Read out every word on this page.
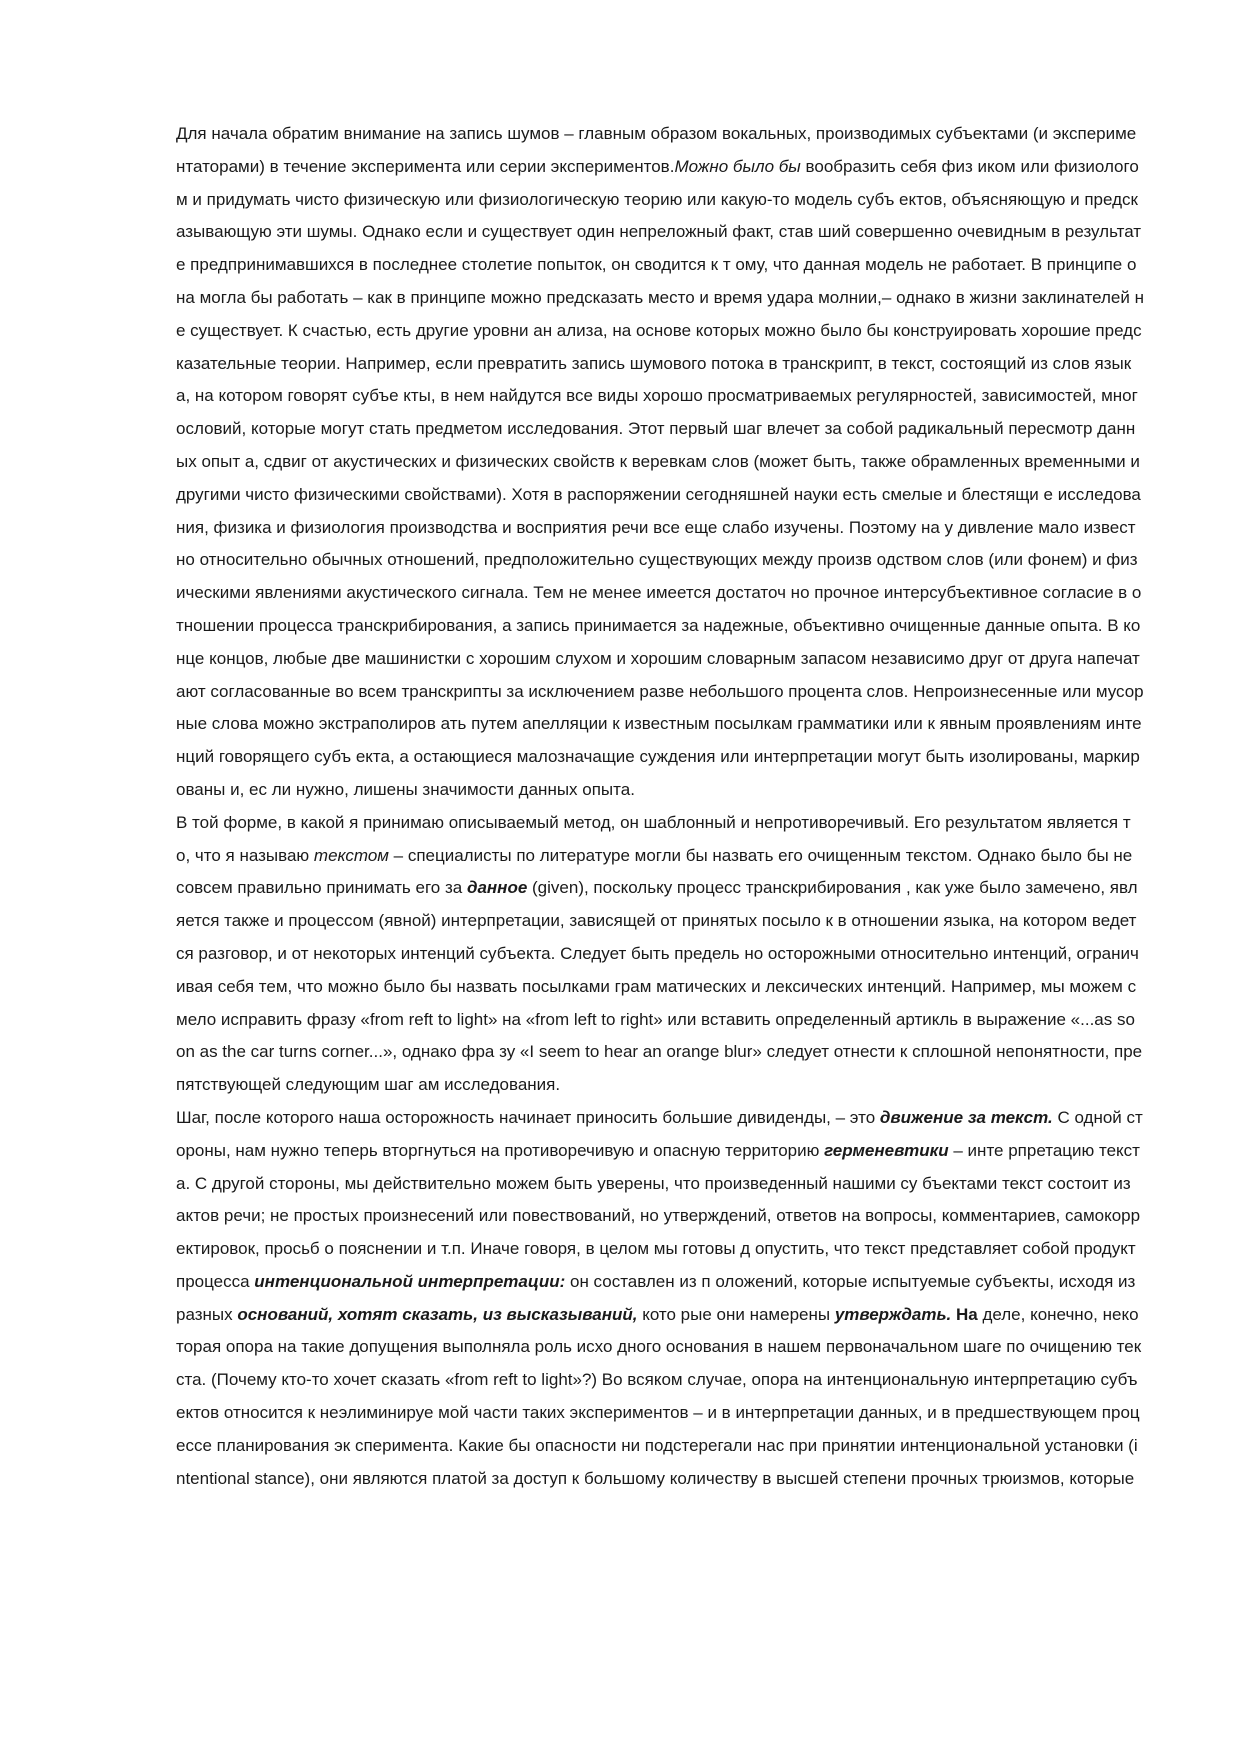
Для начала обратим внимание на запись шумов – главным образом вокальных, производимых субъектами (и экспериментаторами) в течение эксперимента или серии экспериментов.Можно было бы вообразить себя физ иком или физиологом и придумать чисто физическую или физиологическую теорию или какую-то модель субъ ектов, объясняющую и предсказывающую эти шумы. Однако если и существует один непреложный факт, став ший совершенно очевидным в результате предпринимавшихся в последнее столетие попыток, он сводится к т ому, что данная модель не работает. В принципе она могла бы работать – как в принципе можно предсказать место и время удара молнии,– однако в жизни заклинателей не существует. К счастью, есть другие уровни ан ализа, на основе которых можно было бы конструировать хорошие предсказательные теории. Например, если превратить запись шумового потока в транскрипт, в текст, состоящий из слов языка, на котором говорят субъе кты, в нем найдутся все виды хорошо просматриваемых регулярностей, зависимостей, многословий, которые могут стать предметом исследования. Этот первый шаг влечет за собой радикальный пересмотр данных опыт а, сдвиг от акустических и физических свойств к веревкам слов (может быть, также обрамленных временными и другими чисто физическими свойствами). Хотя в распоряжении сегодняшней науки есть смелые и блестящи е исследования, физика и физиология производства и восприятия речи все еще слабо изучены. Поэтому на у дивление мало известно относительно обычных отношений, предположительно существующих между произв одством слов (или фонем) и физическими явлениями акустического сигнала. Тем не менее имеется достаточ но прочное интерсубъективное согласие в отношении процесса транскрибирования, а запись принимается за надежные, объективно очищенные данные опыта. В конце концов, любые две машинистки с хорошим слухом и хорошим словарным запасом независимо друг от друга напечатают согласованные во всем транскрипты за исключением разве небольшого процента слов. Непроизнесенные или мусорные слова можно экстраполиров ать путем апелляции к известным посылкам грамматики или к явным проявлениям интенций говорящего субъ екта, а остающиеся малозначащие суждения или интерпретации могут быть изолированы, маркированы и, ес ли нужно, лишены значимости данных опыта.

В той форме, в какой я принимаю описываемый метод, он шаблонный и непротиворечивый. Его результатом является то, что я называю текстом – специалисты по литературе могли бы назвать его очищенным текстом. Однако было бы не совсем правильно принимать его за данное (given), поскольку процесс транскрибирования , как уже было замечено, является также и процессом (явной) интерпретации, зависящей от принятых посыло к в отношении языка, на котором ведется разговор, и от некоторых интенций субъекта. Следует быть предель но осторожными относительно интенций, ограничивая себя тем, что можно было бы назвать посылками грам матических и лексических интенций. Например, мы можем смело исправить фразу «from reft to light» на «from left to right» или вставить определенный артикль в выражение «...as soon as the car turns corner...», однако фра зу «I seem to hear an orange blur» следует отнести к сплошной непонятности, препятствующей следующим шаг ам исследования.

Шаг, после которого наша осторожность начинает приносить большие дивиденды, – это движение за текст. С одной стороны, нам нужно теперь вторгнуться на противоречивую и опасную территорию герменевтики – инте рпретацию текста. С другой стороны, мы действительно можем быть уверены, что произведенный нашими су бъектами текст состоит из актов речи; не простых произнесений или повествований, но утверждений, ответов на вопросы, комментариев, самокорректировок, просьб о пояснении и т.п. Иначе говоря, в целом мы готовы д опустить, что текст представляет собой продукт процесса интенциональной интерпретации: он составлен из п оложений, которые испытуемые субъекты, исходя из разных оснований, хотят сказать, из высказываний, кото рые они намерены утверждать. На деле, конечно, некоторая опора на такие допущения выполняла роль исхо дного основания в нашем первоначальном шаге по очищению текста. (Почему кто-то хочет сказать «from reft to light»?) Во всяком случае, опора на интенциональную интерпретацию субъектов относится к неэлиминируе мой части таких экспериментов – и в интерпретации данных, и в предшествующем процессе планирования эк сперимента. Какие бы опасности ни подстерегали нас при принятии интенциональной установки (intentional stance), они являются платой за доступ к большому количеству в высшей степени прочных трюизмов, которые
